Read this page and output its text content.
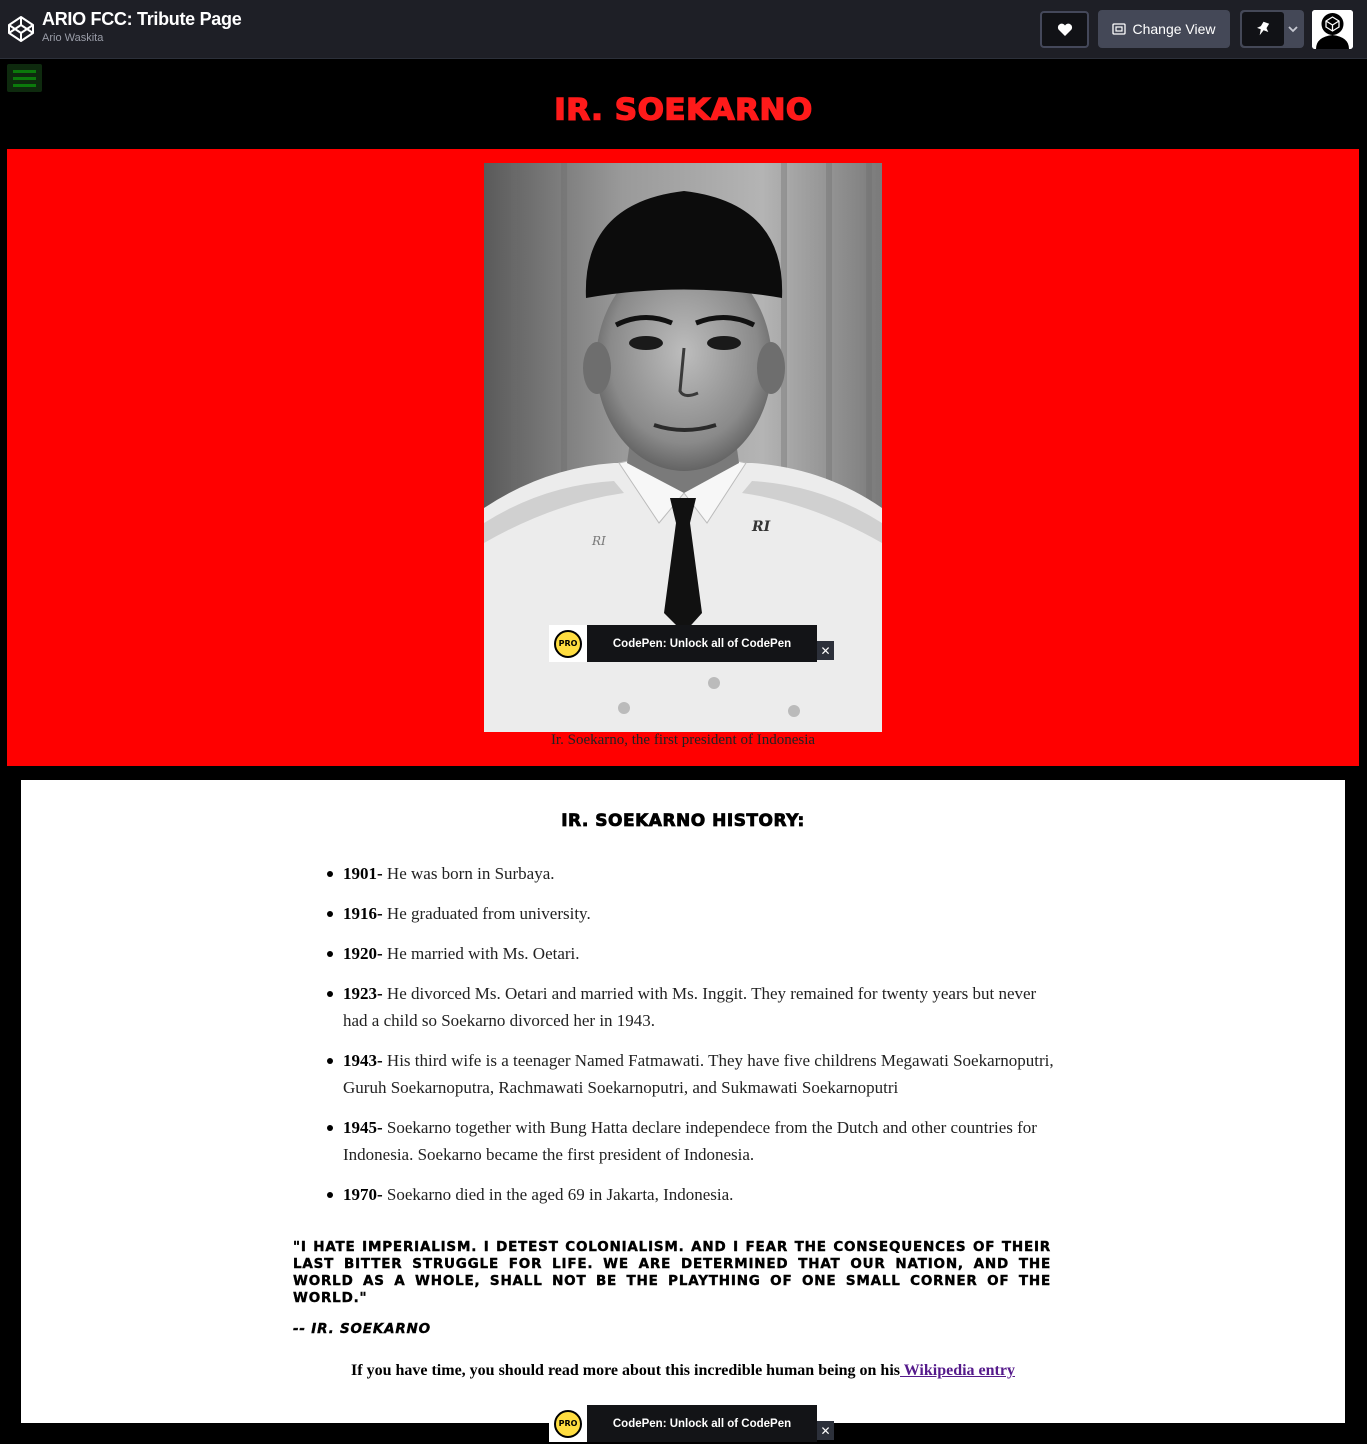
ARIO FCC: Tribute Page
Ario Waskita
Change View
IR. SOEKARNO
RI
RI
Ir. Soekarno, the first president of Indonesia
IR. SOEKARNO HISTORY:
1901- He was born in Surbaya.
1916- He graduated from university.
1920- He married with Ms. Oetari.
1923- He divorced Ms. Oetari and married with Ms. Inggit. They remained for twenty years but never had a child so Soekarno divorced her in 1943.
1943- His third wife is a teenager Named Fatmawati. They have five childrens Megawati Soekarnoputri, Guruh Soekarnoputra, Rachmawati Soekarnoputri, and Sukmawati Soekarnoputri
1945- Soekarno together with Bung Hatta declare independece from the Dutch and other countries for Indonesia. Soekarno became the first president of Indonesia.
1970- Soekarno died in the aged 69 in Jakarta, Indonesia.
"I HATE IMPERIALISM. I DETEST COLONIALISM. AND I FEAR THE CONSEQUENCES OF THEIR LAST BITTER STRUGGLE FOR LIFE. WE ARE DETERMINED THAT OUR NATION, AND THE WORLD AS A WHOLE, SHALL NOT BE THE PLAYTHING OF ONE SMALL CORNER OF THE WORLD."
-- IR. SOEKARNO

If you have time, you should read more about this incredible human being on his Wikipedia entry

PRO	CodePen: Unlock all of CodePen	✕
PRO	CodePen: Unlock all of CodePen	✕
